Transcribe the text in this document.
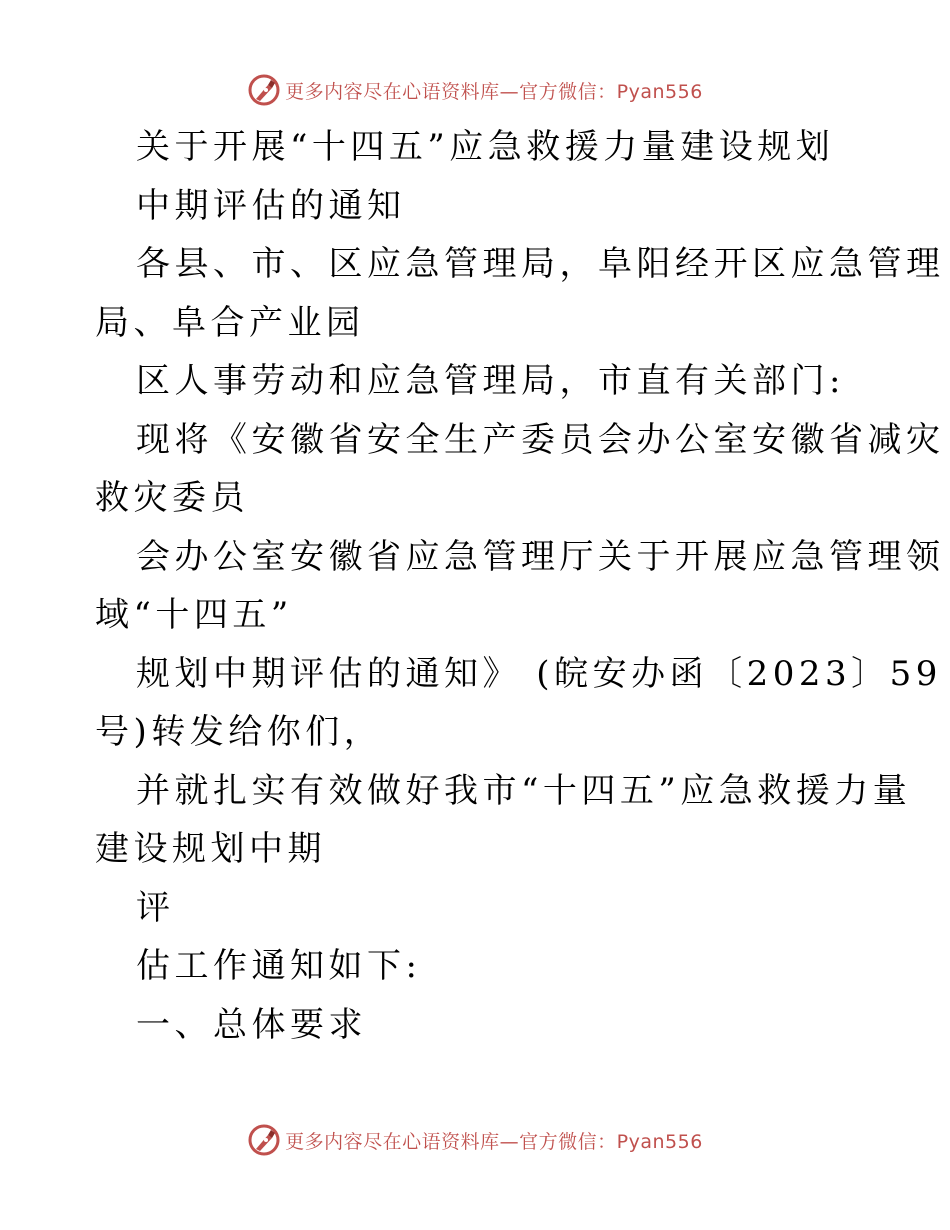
更多内容尽在心语资料库—官方微信：Pyan556
关于开展“十四五”应急救援力量建设规划
中期评估的通知
各县、市、区应急管理局，阜阳经开区应急管理
局、阜合产业园
区人事劳动和应急管理局，市直有关部门:
现将《安徽省安全生产委员会办公室安徽省减灾
救灾委员
会办公室安徽省应急管理厅关于开展应急管理领
域“十四五”
规划中期评估的通知》 (皖安办函〔2023〕59
号)转发给你们，
并就扎实有效做好我市“十四五”应急救援力量
建设规划中期
评
估工作通知如下:
一、总体要求
更多内容尽在心语资料库—官方微信：Pyan556
